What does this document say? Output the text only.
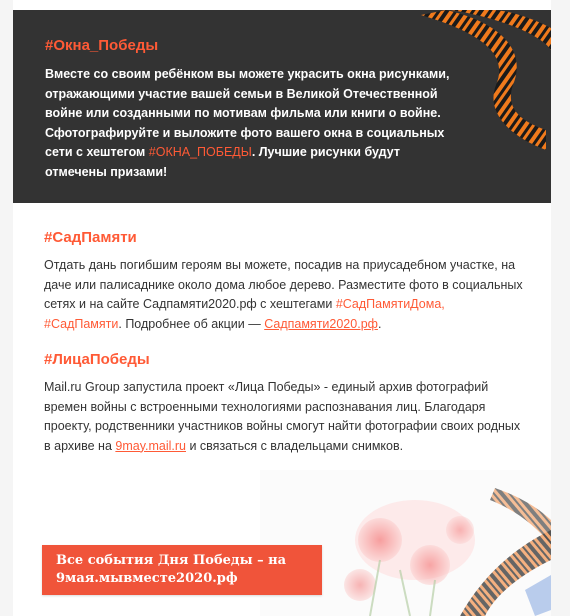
#Окна_Победы
Вместе со своим ребёнком вы можете украсить окна рисунками, отражающими участие вашей семьи в Великой Отечественной войне или созданными по мотивам фильма или книги о войне. Сфотографируйте и выложите фото вашего окна в социальных сети с хештегом #ОКНА_ПОБЕДЫ. Лучшие рисунки будут отмечены призами!
#СадПамяти
Отдать дань погибшим героям вы можете, посадив на приусадебном участке, на даче или палисаднике около дома любое дерево. Разместите фото в социальных сетях и на сайте Садпамяти2020.рф с хештегами #СадПамятиДома, #СадПамяти. Подробнее об акции — Садпамяти2020.рф.
#ЛицаПобеды
Mail.ru Group запустила проект «Лица Победы» - единый архив фотографий времен войны с встроенными технологиями распознавания лиц. Благодаря проекту, родственники участников войны смогут найти фотографии своих родных в архиве на 9may.mail.ru и связаться с владельцами снимков.
Все события Дня Победы – на 9мая.мывместе2020.рф
